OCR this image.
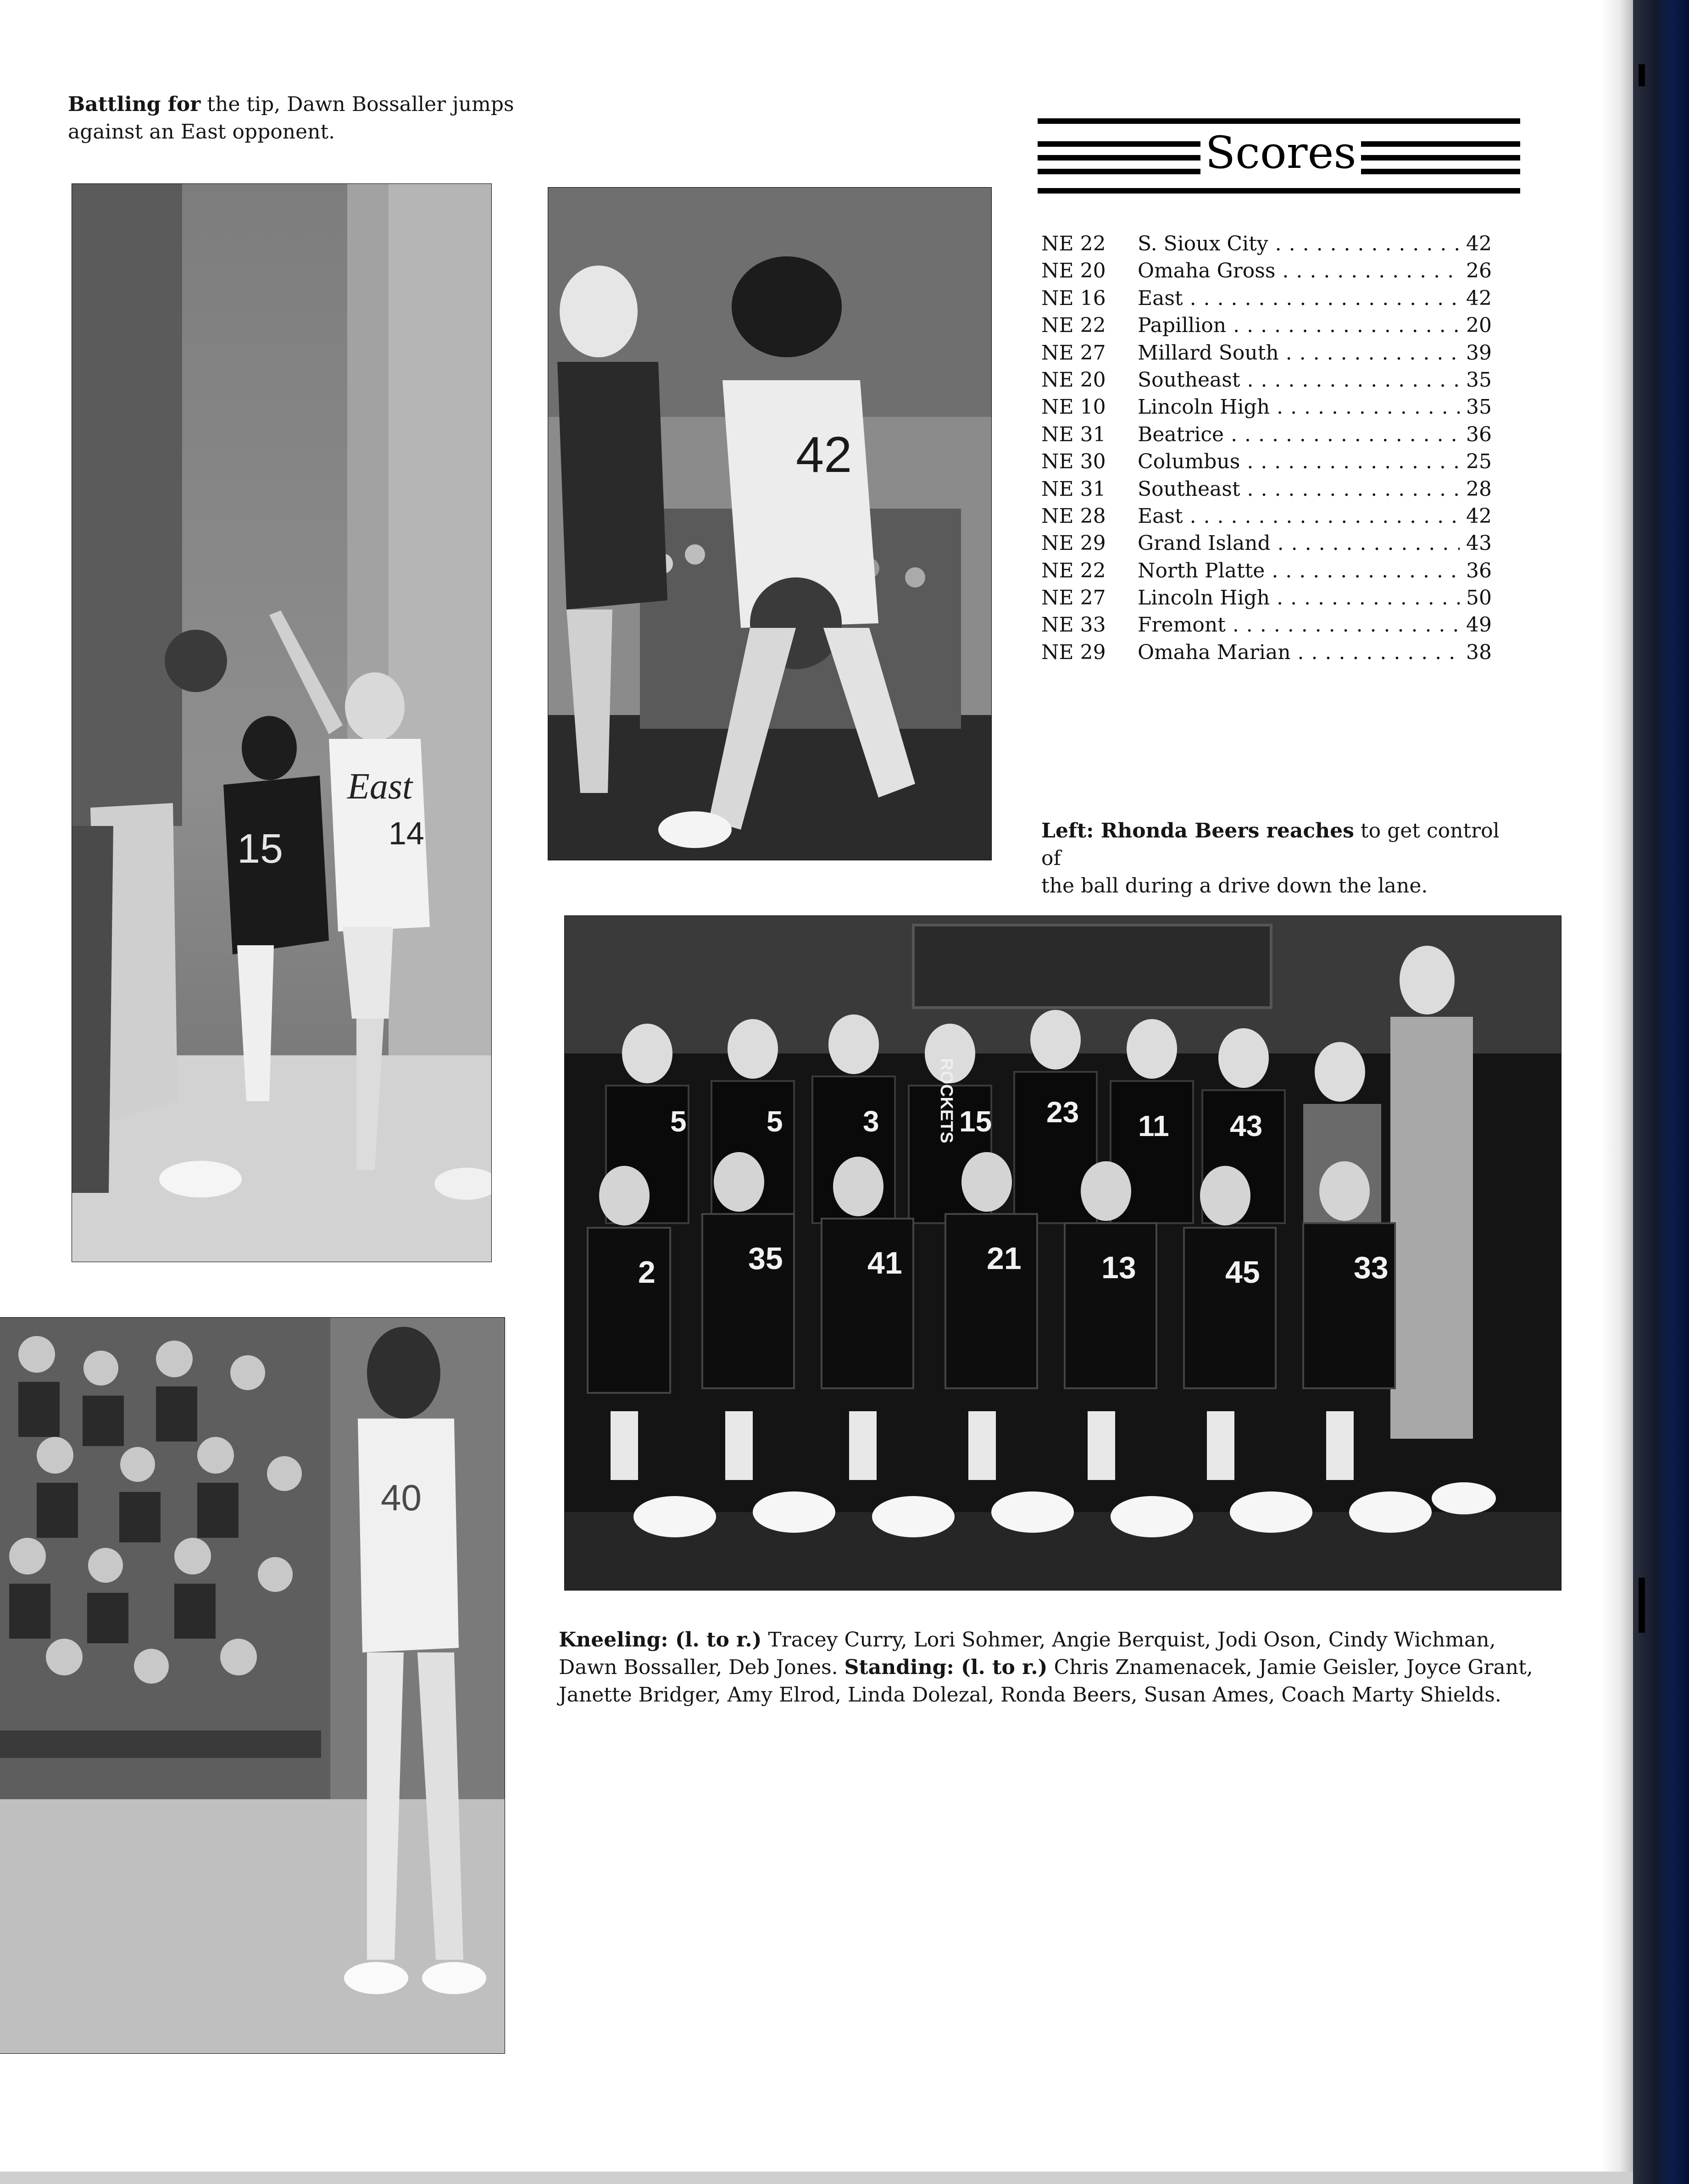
Battling for the tip, Dawn Bossaller jumps
against an East opponent.
15
East
14
42
Scores
NE 22	S. Sioux City . . .	42
NE 20	Omaha Gross . . .	26
NE 16	East . . .	42
NE 22	Papillion . . .	20
NE 27	Millard South . . .	39
NE 20	Southeast . . .	35
NE 10	Lincoln High . . .	35
NE 31	Beatrice . . .	36
NE 30	Columbus . . .	25
NE 31	Southeast . . .	28
NE 28	East . . .	42
NE 29	Grand Island . . .	43
NE 22	North Platte . . .	36
NE 27	Lincoln High . . .	50
NE 33	Fremont . . .	49
NE 29	Omaha Marian . . .	38
Left: Rhonda Beers reaches to get control of
the ball during a drive down the lane.
5	5	3	15 23 11 43
2	35	41	21	13	45	33
ROCKETS
Kneeling: (l. to r.) Tracey Curry, Lori Sohmer, Angie Berquist, Jodi Oson, Cindy Wichman,
Dawn Bossaller, Deb Jones. Standing: (l. to r.) Chris Znamenacek, Jamie Geisler, Joyce Grant,
Janette Bridger, Amy Elrod, Linda Dolezal, Ronda Beers, Susan Ames, Coach Marty Shields.
40
